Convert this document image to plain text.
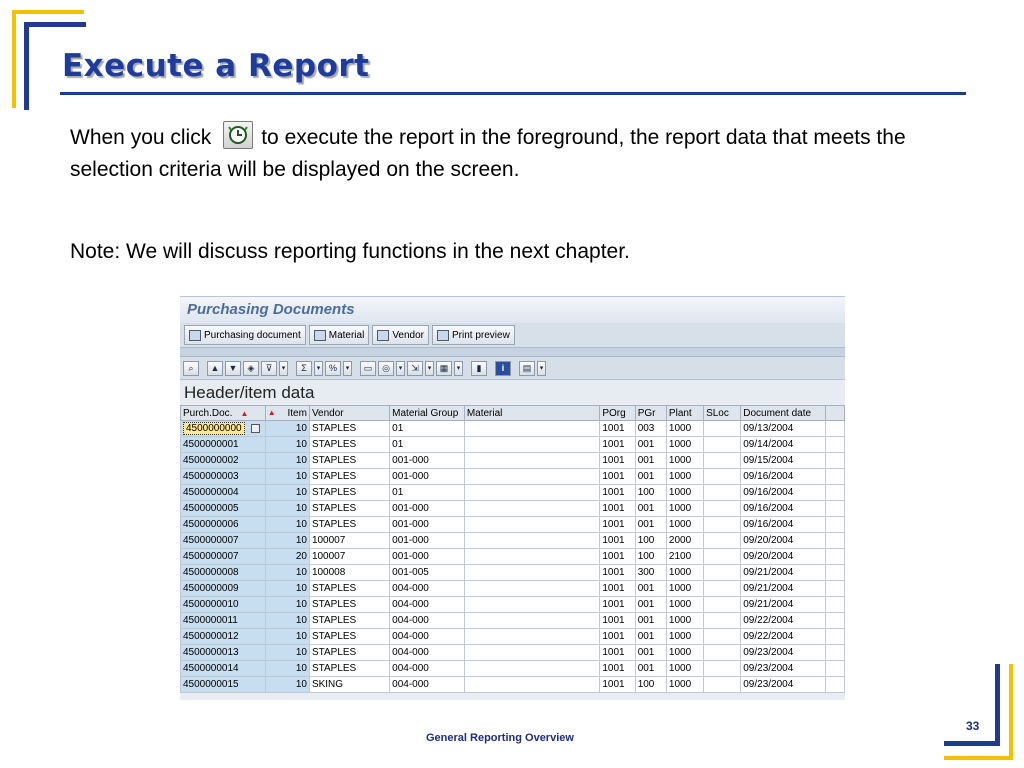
Execute a Report
When you click to execute the report in the foreground, the report data that meets the selection criteria will be displayed on the screen.
Note: We will discuss reporting functions in the next chapter.
Purchasing Documents
Purchasing document	Material	Vendor	Print preview
⌕	▲	▼	◈	⊽	▾	Σ	▾ %	▾	▭	◎	▾ ⇲	▾ ▦	▾	▮	i	▤	▾
Header/item data
Purch.Doc. ▲	▲ Item	Vendor	Material Group	Material	POrg	PGr	Plant	SLoc	Document date	
4500000000	10	STAPLES	01		1001	003	1000		09/13/2004	
4500000001	10	STAPLES	01		1001	001	1000		09/14/2004	
4500000002	10	STAPLES	001-000		1001	001	1000		09/15/2004	
4500000003	10	STAPLES	001-000		1001	001	1000		09/16/2004	
4500000004	10	STAPLES	01		1001	100	1000		09/16/2004	
4500000005	10	STAPLES	001-000		1001	001	1000		09/16/2004	
4500000006	10	STAPLES	001-000		1001	001	1000		09/16/2004	
4500000007	10	100007	001-000		1001	100	2000		09/20/2004	
4500000007	20	100007	001-000		1001	100	2100		09/20/2004	
4500000008	10	100008	001-005		1001	300	1000		09/21/2004	
4500000009	10	STAPLES	004-000		1001	001	1000		09/21/2004	
4500000010	10	STAPLES	004-000		1001	001	1000		09/21/2004	
4500000011	10	STAPLES	004-000		1001	001	1000		09/22/2004	
4500000012	10	STAPLES	004-000		1001	001	1000		09/22/2004	
4500000013	10	STAPLES	004-000		1001	001	1000		09/23/2004	
4500000014	10	STAPLES	004-000		1001	001	1000		09/23/2004	
4500000015	10	SKING	004-000		1001	100	1000		09/23/2004	
General Reporting Overview
33
